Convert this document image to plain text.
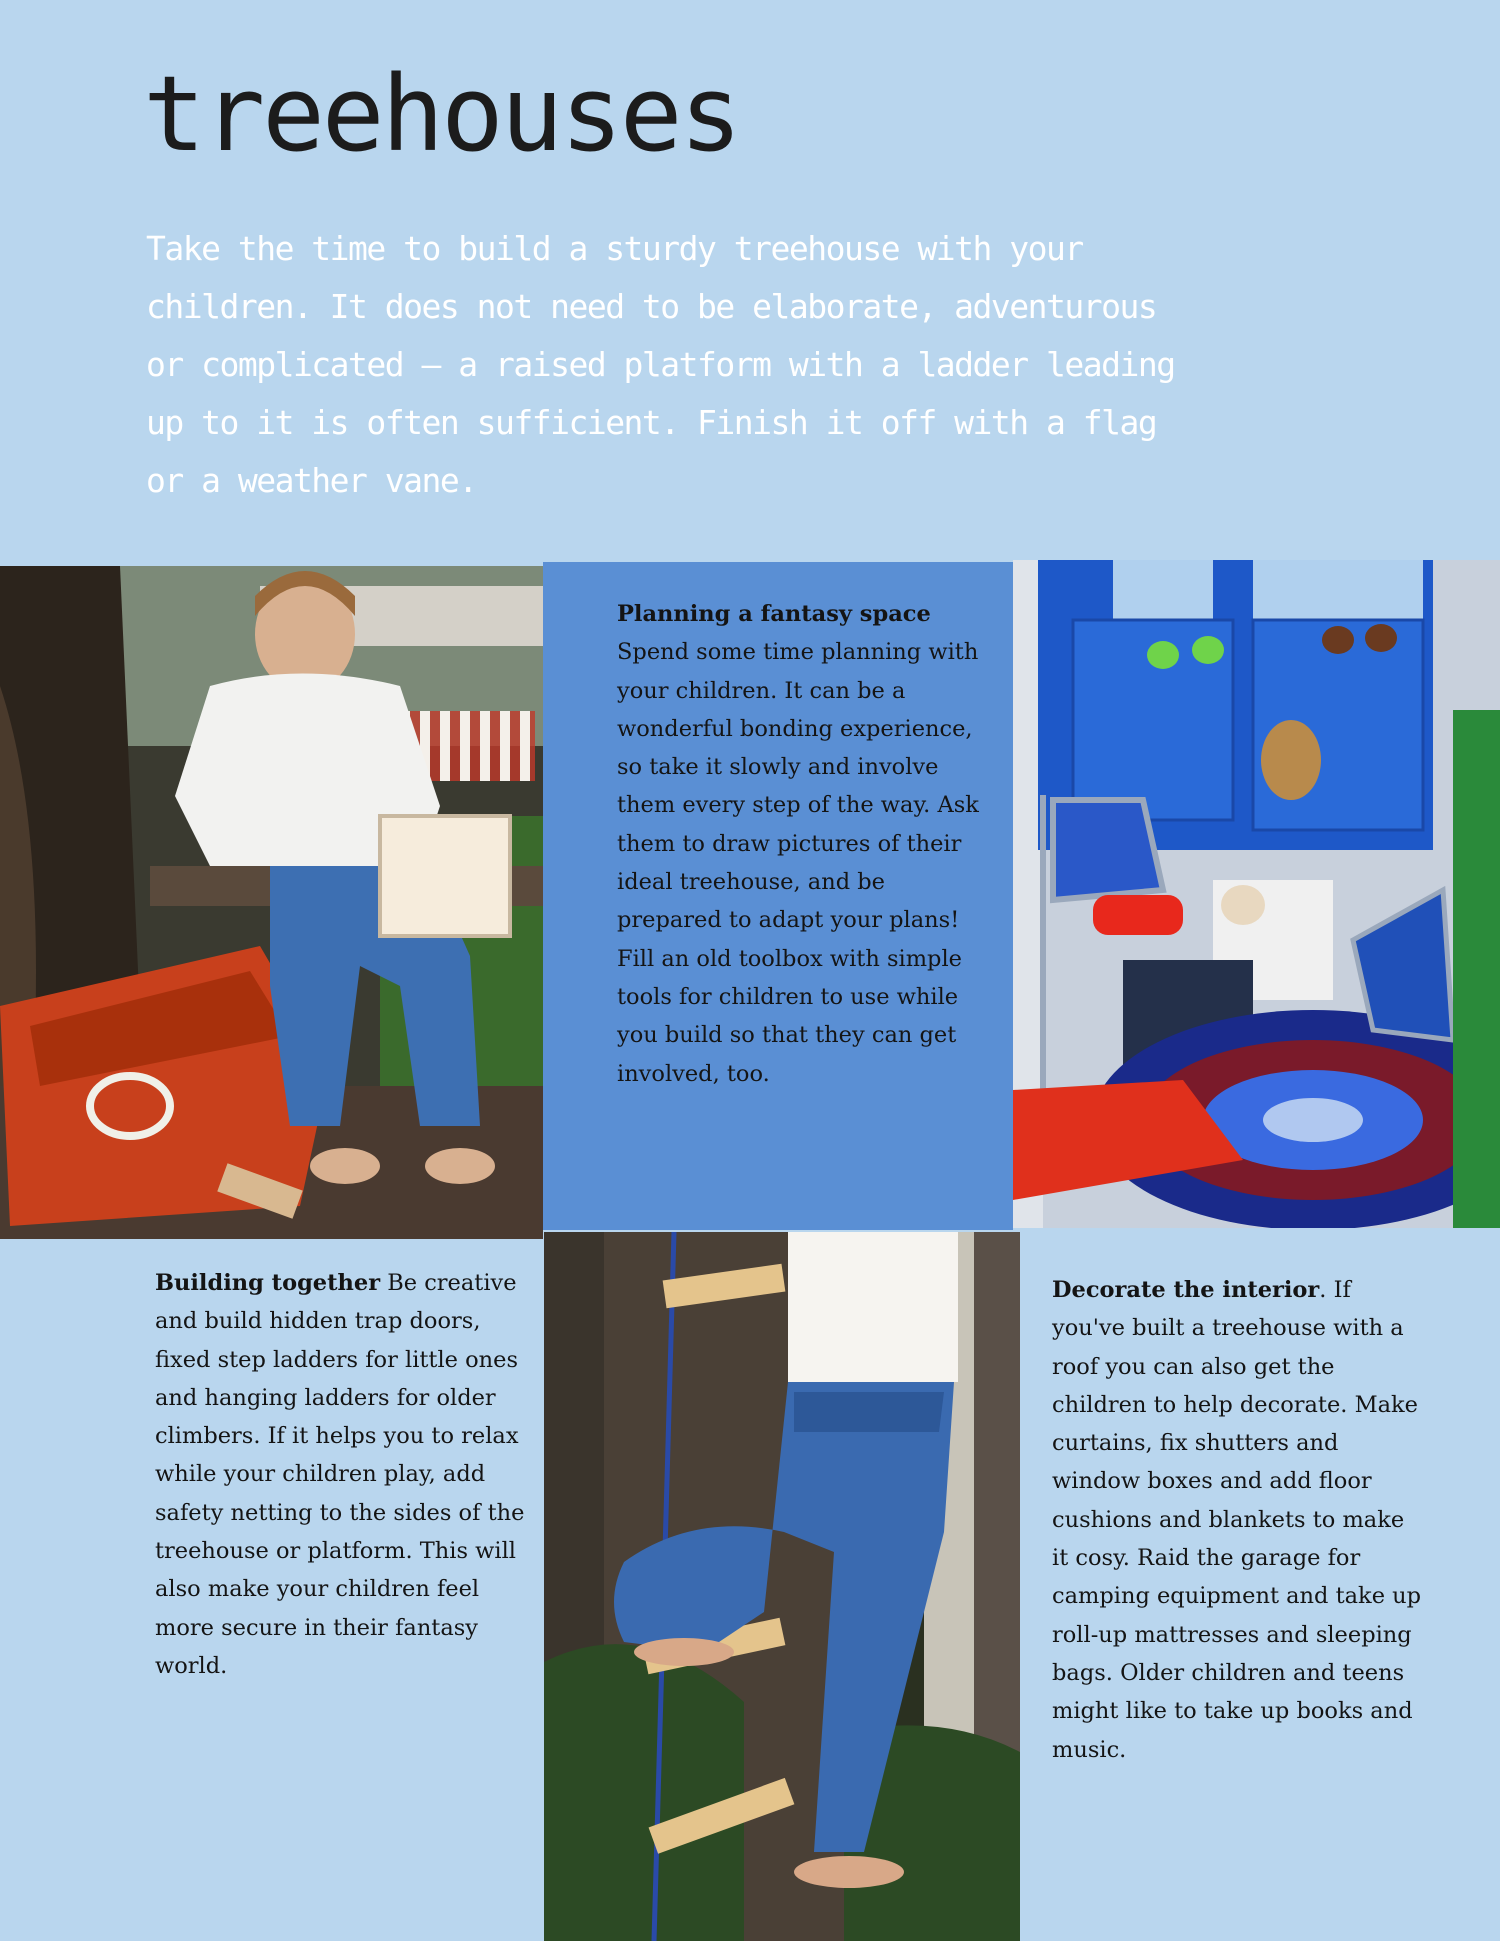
treehouses

Take the time to build a sturdy treehouse with your children. It does not need to be elaborate, adventurous or complicated – a raised platform with a ladder leading up to it is often sufficient. Finish it off with a flag or a weather vane.

Planning a fantasy space
Spend some time planning with your children. It can be a wonderful bonding experience, so take it slowly and involve them every step of the way. Ask them to draw pictures of their ideal treehouse, and be prepared to adapt your plans! Fill an old toolbox with simple tools for children to use while you build so that they can get involved, too.
Building together Be creative and build hidden trap doors, fixed step ladders for little ones and hanging ladders for older climbers. If it helps you to relax while your children play, add safety netting to the sides of the treehouse or platform. This will also make your children feel more secure in their fantasy world.
Decorate the interior. If you've built a treehouse with a roof you can also get the children to help decorate. Make curtains, fix shutters and window boxes and add floor cushions and blankets to make it cosy. Raid the garage for camping equipment and take up roll-up mattresses and sleeping bags. Older children and teens might like to take up books and music.
